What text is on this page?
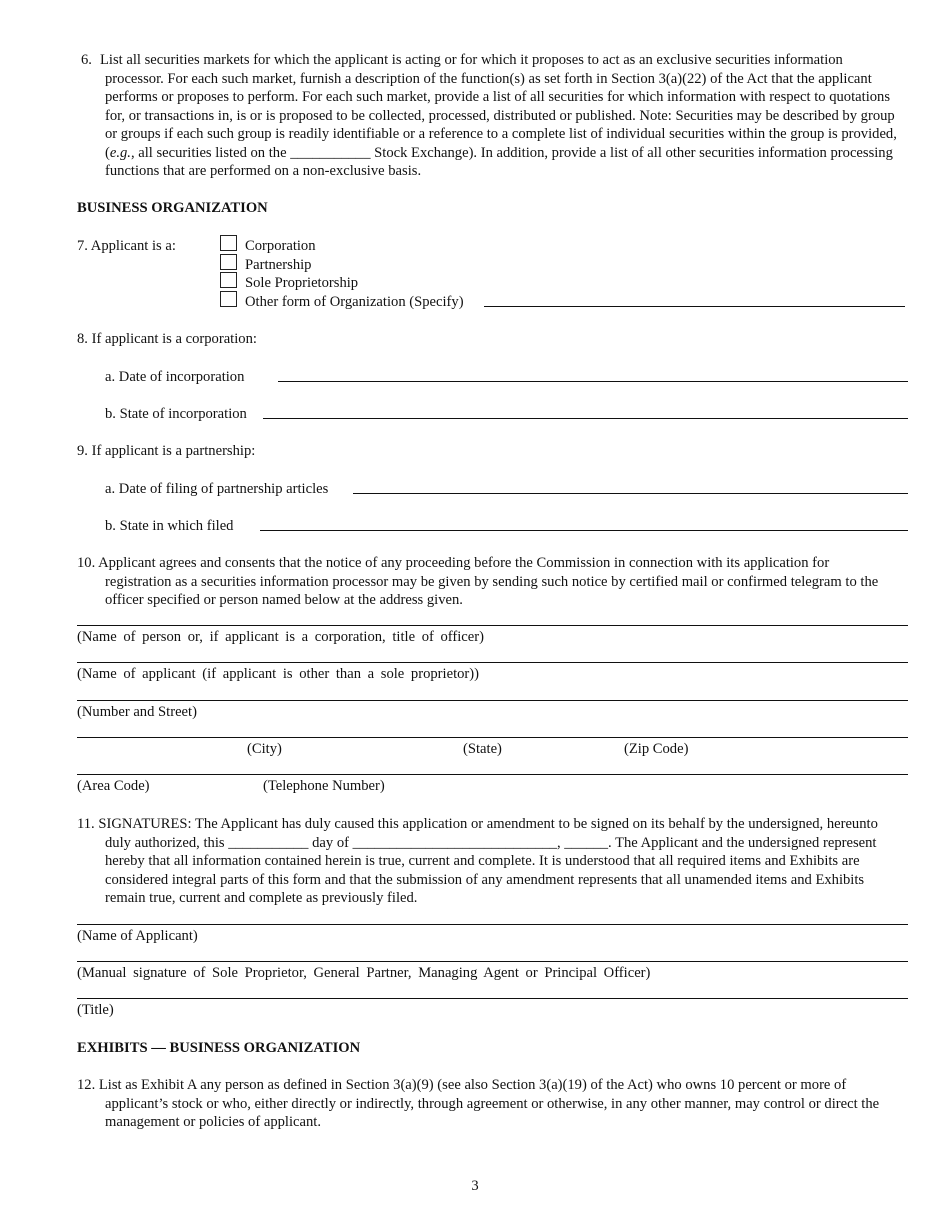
6. List all securities markets for which the applicant is acting or for which it proposes to act as an exclusive securities information
processor. For each such market, furnish a description of the function(s) as set forth in Section 3(a)(22) of the Act that the applicant
performs or proposes to perform. For each such market, provide a list of all securities for which information with respect to quotations
for, or transactions in, is or is proposed to be collected, processed, distributed or published. Note: Securities may be described by group
or groups if each such group is readily identifiable or a reference to a complete list of individual securities within the group is provided,
(e.g., all securities listed on the ___________ Stock Exchange). In addition, provide a list of all other securities information processing
functions that are performed on a non-exclusive basis.
BUSINESS ORGANIZATION
7. Applicant is a:	Corporation
Partnership
Sole Proprietorship
Other form of Organization (Specify)
8. If applicant is a corporation:
a. Date of incorporation
b. State of incorporation
9. If applicant is a partnership:
a. Date of filing of partnership articles
b. State in which filed
10. Applicant agrees and consents that the notice of any proceeding before the Commission in connection with its application for
registration as a securities information processor may be given by sending such notice by certified mail or confirmed telegram to the
officer specified or person named below at the address given.
(Name of person or, if applicant is a corporation, title of officer)
(Name of applicant (if applicant is other than a sole proprietor))
(Number and Street)
(City)	(State)	(Zip Code)
(Area Code)	(Telephone Number)
11. SIGNATURES: The Applicant has duly caused this application or amendment to be signed on its behalf by the undersigned, hereunto
duly authorized, this ___________ day of ____________________________, ______. The Applicant and the undersigned represent
hereby that all information contained herein is true, current and complete. It is understood that all required items and Exhibits are
considered integral parts of this form and that the submission of any amendment represents that all unamended items and Exhibits
remain true, current and complete as previously filed.
(Name of Applicant)
(Manual signature of Sole Proprietor, General Partner, Managing Agent or Principal Officer)
(Title)
EXHIBITS — BUSINESS ORGANIZATION
12. List as Exhibit A any person as defined in Section 3(a)(9) (see also Section 3(a)(19) of the Act) who owns 10 percent or more of
applicant’s stock or who, either directly or indirectly, through agreement or otherwise, in any other manner, may control or direct the
management or policies of applicant.
3
